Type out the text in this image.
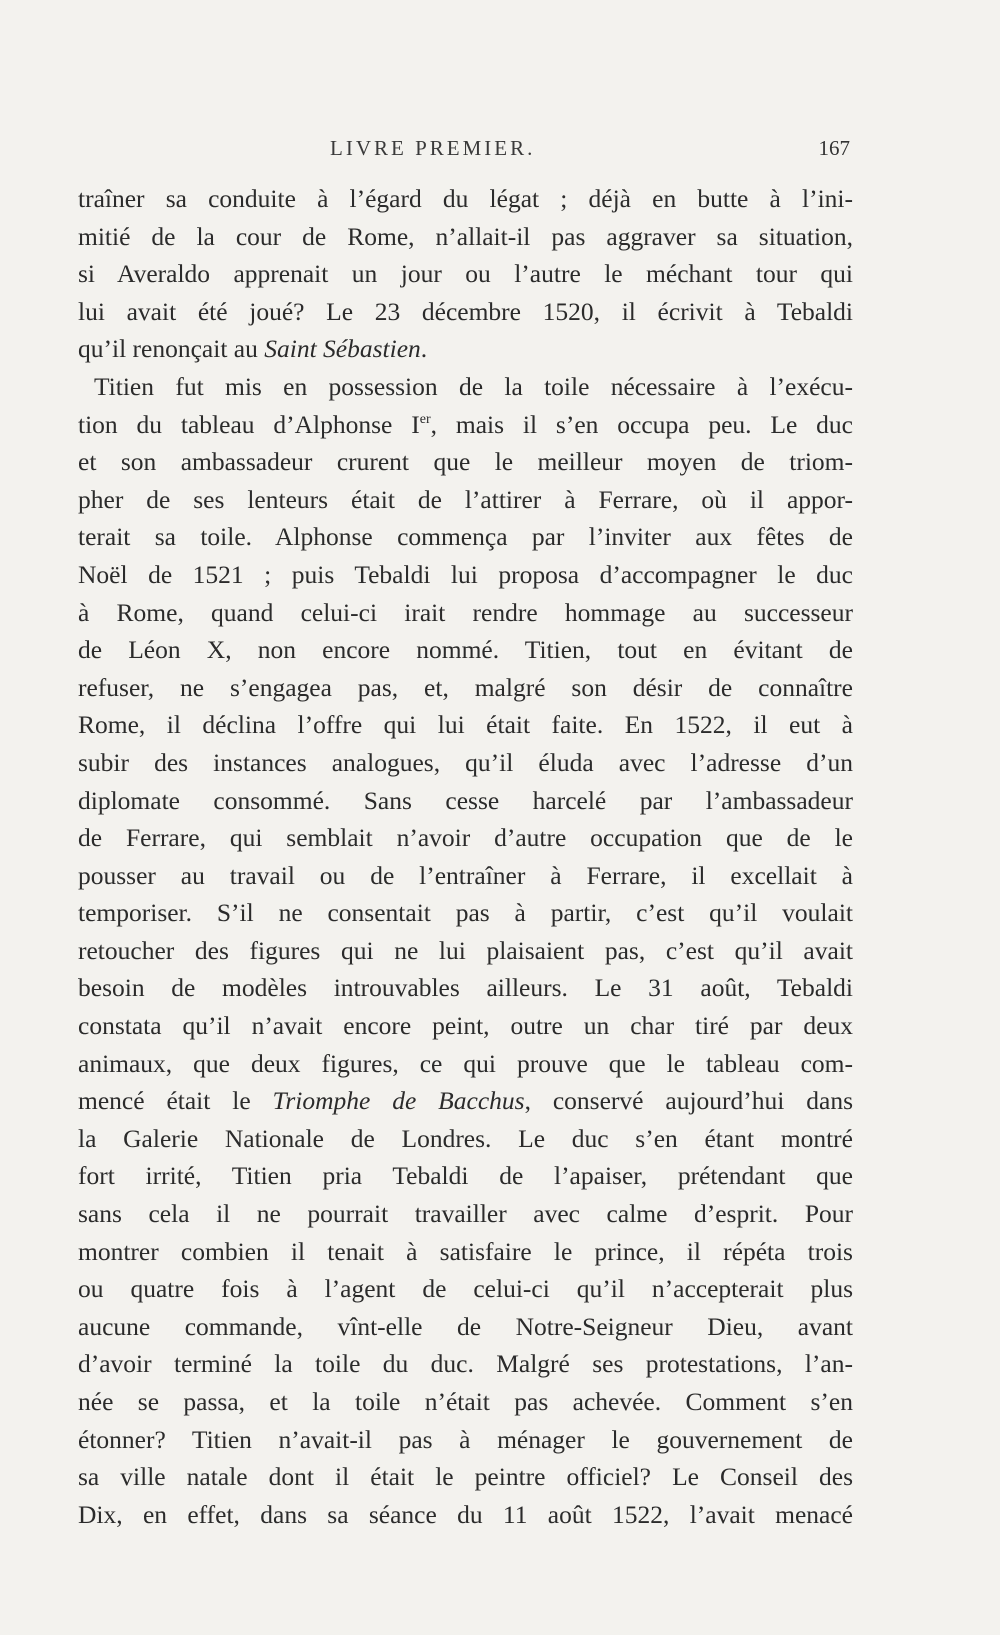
LIVRE PREMIER.	167
traîner sa conduite à l’égard du légat ; déjà en butte à l’ini-
mitié de la cour de Rome, n’allait-il pas aggraver sa situation,
si Averaldo apprenait un jour ou l’autre le méchant tour qui
lui avait été joué? Le 23 décembre 1520, il écrivit à Tebaldi
qu’il renonçait au Saint Sébastien.
Titien fut mis en possession de la toile nécessaire à l’exécu-
tion du tableau d’Alphonse Ier, mais il s’en occupa peu. Le duc
et son ambassadeur crurent que le meilleur moyen de triom-
pher de ses lenteurs était de l’attirer à Ferrare, où il appor-
terait sa toile. Alphonse commença par l’inviter aux fêtes de
Noël de 1521 ; puis Tebaldi lui proposa d’accompagner le duc
à Rome, quand celui-ci irait rendre hommage au successeur
de Léon X, non encore nommé. Titien, tout en évitant de
refuser, ne s’engagea pas, et, malgré son désir de connaître
Rome, il déclina l’offre qui lui était faite. En 1522, il eut à
subir des instances analogues, qu’il éluda avec l’adresse d’un
diplomate consommé. Sans cesse harcelé par l’ambassadeur
de Ferrare, qui semblait n’avoir d’autre occupation que de le
pousser au travail ou de l’entraîner à Ferrare, il excellait à
temporiser. S’il ne consentait pas à partir, c’est qu’il voulait
retoucher des figures qui ne lui plaisaient pas, c’est qu’il avait
besoin de modèles introuvables ailleurs. Le 31 août, Tebaldi
constata qu’il n’avait encore peint, outre un char tiré par deux
animaux, que deux figures, ce qui prouve que le tableau com-
mencé était le Triomphe de Bacchus, conservé aujourd’hui dans
la Galerie Nationale de Londres. Le duc s’en étant montré
fort irrité, Titien pria Tebaldi de l’apaiser, prétendant que
sans cela il ne pourrait travailler avec calme d’esprit. Pour
montrer combien il tenait à satisfaire le prince, il répéta trois
ou quatre fois à l’agent de celui-ci qu’il n’accepterait plus
aucune commande, vînt-elle de Notre-Seigneur Dieu, avant
d’avoir terminé la toile du duc. Malgré ses protestations, l’an-
née se passa, et la toile n’était pas achevée. Comment s’en
étonner? Titien n’avait-il pas à ménager le gouvernement de
sa ville natale dont il était le peintre officiel? Le Conseil des
Dix, en effet, dans sa séance du 11 août 1522, l’avait menacé
